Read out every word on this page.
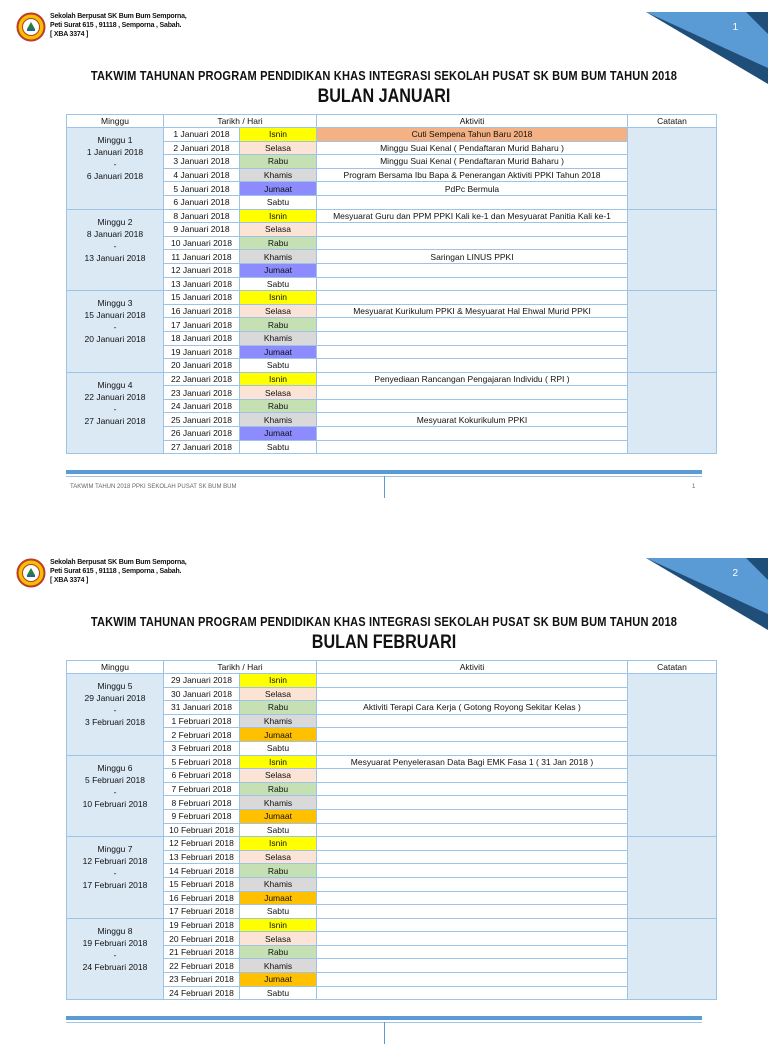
Sekolah Berpusat SK Bum Bum Semporna,
Peti Surat 615 , 91118 , Semporna , Sabah.
[ XBA 3374 ]
1
TAKWIM TAHUNAN PROGRAM PENDIDIKAN KHAS INTEGRASI SEKOLAH PUSAT SK BUM BUM TAHUN 2018
BULAN JANUARI
Minggu	Tarikh / Hari		Aktiviti	Catatan

Minggu 1
1 Januari 2018
-
6 Januari 2018	1 Januari 2018	Isnin	Cuti Sempena Tahun Baru 2018	
	2 Januari 2018	Selasa	Minggu Suai Kenal ( Pendaftaran Murid Baharu )	
	3 Januari 2018	Rabu	Minggu Suai Kenal ( Pendaftaran Murid Baharu )	
	4 Januari 2018	Khamis	Program Bersama Ibu Bapa & Penerangan Aktiviti PPKI Tahun 2018	
	5 Januari 2018	Jumaat	PdPc Bermula	
	6 Januari 2018	Sabtu		

Minggu 2
8 Januari 2018
-
13 Januari 2018	8 Januari 2018	Isnin	Mesyuarat Guru dan PPM PPKI Kali ke-1 dan Mesyuarat Panitia Kali ke-1	
	9 Januari 2018	Selasa		
	10 Januari 2018	Rabu		
	11 Januari 2018	Khamis	Saringan LINUS PPKI	
	12 Januari 2018	Jumaat		
	13 Januari 2018	Sabtu		

Minggu 3
15 Januari 2018
-
20 Januari 2018	15 Januari 2018	Isnin		
	16 Januari 2018	Selasa	Mesyuarat Kurikulum PPKI & Mesyuarat Hal Ehwal Murid PPKI	
	17 Januari 2018	Rabu		
	18 Januari 2018	Khamis		
	19 Januari 2018	Jumaat		
	20 Januari 2018	Sabtu		

Minggu 4
22 Januari 2018
-
27 Januari 2018	22 Januari 2018	Isnin	Penyediaan Rancangan Pengajaran Individu ( RPI )	
	23 Januari 2018	Selasa		
	24 Januari 2018	Rabu		
	25 Januari 2018	Khamis	Mesyuarat Kokurikulum PPKI	
	26 Januari 2018	Jumaat		
	27 Januari 2018	Sabtu		
TAKWIM TAHUN 2018 PPKI SEKOLAH PUSAT SK BUM BUM	1
Sekolah Berpusat SK Bum Bum Semporna,
Peti Surat 615 , 91118 , Semporna , Sabah.
[ XBA 3374 ]
2
TAKWIM TAHUNAN PROGRAM PENDIDIKAN KHAS INTEGRASI SEKOLAH PUSAT SK BUM BUM TAHUN 2018
BULAN FEBRUARI
Minggu	Tarikh / Hari		Aktiviti	Catatan

Minggu 5
29 Januari 2018
-
3 Februari 2018	29 Januari 2018	Isnin		
	30 Januari 2018	Selasa		
	31 Januari 2018	Rabu	Aktiviti Terapi Cara Kerja ( Gotong Royong Sekitar Kelas )	
	1 Februari 2018	Khamis		
	2 Februari 2018	Jumaat		
	3 Februari 2018	Sabtu		

Minggu 6
5 Februari 2018
-
10 Februari 2018	5 Februari 2018	Isnin	Mesyuarat Penyelerasan Data Bagi EMK Fasa 1 ( 31 Jan 2018 )	
	6 Februari 2018	Selasa		
	7 Februari 2018	Rabu		
	8 Februari 2018	Khamis		
	9 Februari 2018	Jumaat		
	10 Februari 2018	Sabtu		

Minggu 7
12 Februari 2018
-
17 Februari 2018	12 Februari 2018	Isnin		
	13 Februari 2018	Selasa		
	14 Februari 2018	Rabu		
	15 Februari 2018	Khamis		
	16 Februari 2018	Jumaat		
	17 Februari 2018	Sabtu		

Minggu 8
19 Februari 2018
-
24 Februari 2018	19 Februari 2018	Isnin		
	20 Februari 2018	Selasa		
	21 Februari 2018	Rabu		
	22 Februari 2018	Khamis		
	23 Februari 2018	Jumaat		
	24 Februari 2018	Sabtu		
